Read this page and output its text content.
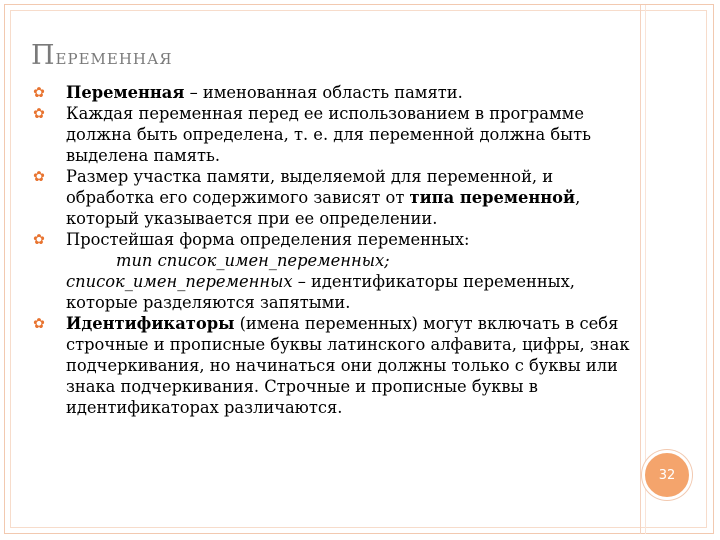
Переменная
✿ Переменная – именованная область памяти.
✿ Каждая переменная перед ее использованием в программе должна быть определена, т. е. для переменной должна быть выделена память.
✿ Размер участка памяти, выделяемой для переменной, и обработка его содержимого зависят от типа переменной, который указывается при ее определении.
✿ Простейшая форма определения переменных:
тип список_имен_переменных;
список_имен_переменных – идентификаторы переменных, которые разделяются запятыми.
✿ Идентификаторы (имена переменных) могут включать в себя строчные и прописные буквы латинского алфавита, цифры, знак подчеркивания, но начинаться они должны только с буквы или знака подчеркивания. Строчные и прописные буквы в идентификаторах различаются.
32
